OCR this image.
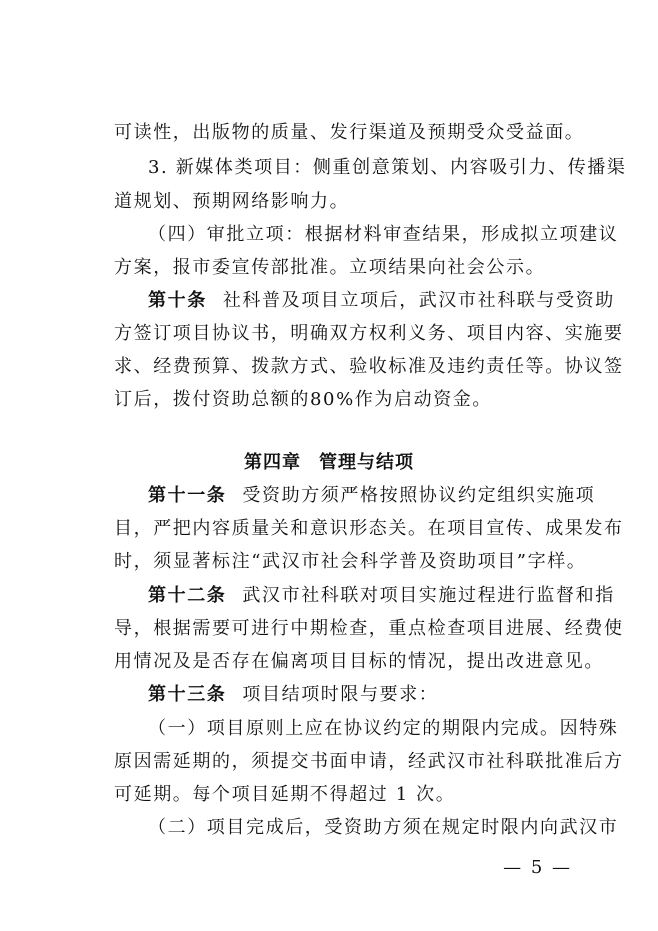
可读性，出版物的质量、发行渠道及预期受众受益面。
3. 新媒体类项目：侧重创意策划、内容吸引力、传播渠
道规划、预期网络影响力。
（四）审批立项：根据材料审查结果，形成拟立项建议
方案，报市委宣传部批准。立项结果向社会公示。
第十条 社科普及项目立项后，武汉市社科联与受资助
方签订项目协议书，明确双方权利义务、项目内容、实施要
求、经费预算、拨款方式、验收标准及违约责任等。协议签
订后，拨付资助总额的80%作为启动资金。
第四章 管理与结项
第十一条 受资助方须严格按照协议约定组织实施项
目，严把内容质量关和意识形态关。在项目宣传、成果发布
时，须显著标注“武汉市社会科学普及资助项目”字样。
第十二条 武汉市社科联对项目实施过程进行监督和指
导，根据需要可进行中期检查，重点检查项目进展、经费使
用情况及是否存在偏离项目目标的情况，提出改进意见。
第十三条 项目结项时限与要求：
（一）项目原则上应在协议约定的期限内完成。因特殊
原因需延期的，须提交书面申请，经武汉市社科联批准后方
可延期。每个项目延期不得超过 1 次。
（二）项目完成后，受资助方须在规定时限内向武汉市
— 5 —
